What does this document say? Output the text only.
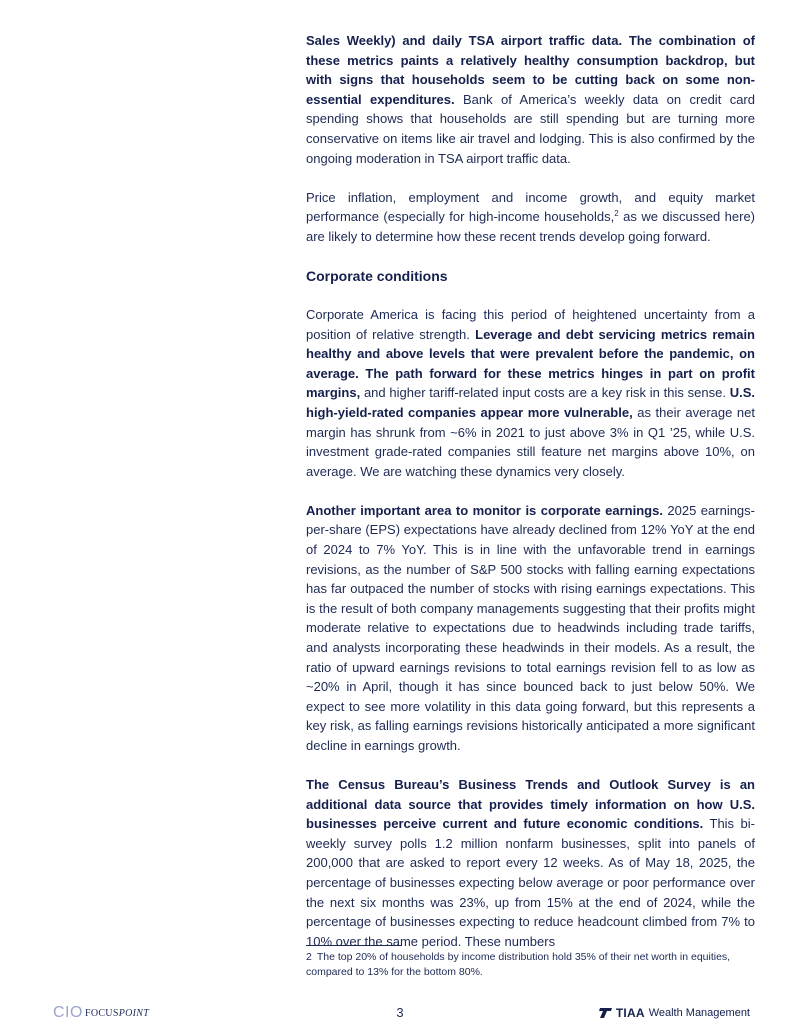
Sales Weekly) and daily TSA airport traffic data. The combination of these metrics paints a relatively healthy consumption backdrop, but with signs that households seem to be cutting back on some non-essential expenditures. Bank of America’s weekly data on credit card spending shows that households are still spending but are turning more conservative on items like air travel and lodging. This is also confirmed by the ongoing moderation in TSA airport traffic data.

Price inflation, employment and income growth, and equity market performance (especially for high-income households,$^2$ as we discussed here) are likely to determine how these recent trends develop going forward.

Corporate conditions

Corporate America is facing this period of heightened uncertainty from a position of relative strength. Leverage and debt servicing metrics remain healthy and above levels that were prevalent before the pandemic, on average. The path forward for these metrics hinges in part on profit margins, and higher tariff-related input costs are a key risk in this sense. U.S. high-yield-rated companies appear more vulnerable, as their average net margin has shrunk from ~6% in 2021 to just above 3% in Q1 ’25, while U.S. investment grade-rated companies still feature net margins above 10%, on average. We are watching these dynamics very closely.

Another important area to monitor is corporate earnings. 2025 earnings-per-share (EPS) expectations have already declined from 12% YoY at the end of 2024 to 7% YoY. This is in line with the unfavorable trend in earnings revisions, as the number of S&P 500 stocks with falling earning expectations has far outpaced the number of stocks with rising earnings expectations. This is the result of both company managements suggesting that their profits might moderate relative to expectations due to headwinds including trade tariffs, and analysts incorporating these headwinds in their models. As a result, the ratio of upward earnings revisions to total earnings revision fell to as low as ~20% in April, though it has since bounced back to just below 50%. We expect to see more volatility in this data going forward, but this represents a key risk, as falling earnings revisions historically anticipated a more significant decline in earnings growth.

The Census Bureau’s Business Trends and Outlook Survey is an additional data source that provides timely information on how U.S. businesses perceive current and future economic conditions. This bi-weekly survey polls 1.2 million nonfarm businesses, split into panels of 200,000 that are asked to report every 12 weeks. As of May 18, 2025, the percentage of businesses expecting below average or poor performance over the next six months was 23%, up from 15% at the end of 2024, while the percentage of businesses expecting to reduce headcount climbed from 7% to 10% over the same period. These numbers

2 The top 20% of households by income distribution hold 35% of their net worth in equities, compared to 13% for the bottom 80%.
CIO FOCUSPOINT	3	TIAA Wealth Management
